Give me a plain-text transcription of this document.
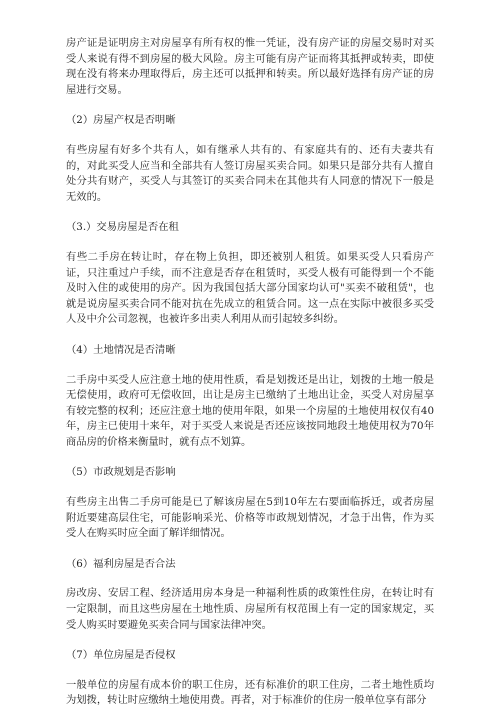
房产证是证明房主对房屋享有所有权的惟一凭证，没有房产证的房屋交易时对买受人来说有得不到房屋的极大风险。房主可能有房产证而将其抵押或转卖，即使现在没有将来办理取得后，房主还可以抵押和转卖。所以最好选择有房产证的房屋进行交易。

（2）房屋产权是否明晰

有些房屋有好多个共有人，如有继承人共有的、有家庭共有的、还有夫妻共有的，对此买受人应当和全部共有人签订房屋买卖合同。如果只是部分共有人擅自处分共有财产，买受人与其签订的买卖合同未在其他共有人同意的情况下一般是无效的。

（3.）交易房屋是否在租

有些二手房在转让时，存在物上负担，即还被别人租赁。如果买受人只看房产证，只注重过户手续，而不注意是否存在租赁时，买受人极有可能得到一个不能及时入住的或使用的房产。因为我国包括大部分国家均认可"买卖不破租赁"，也就是说房屋买卖合同不能对抗在先成立的租赁合同。这一点在实际中被很多买受人及中介公司忽视，也被许多出卖人利用从而引起较多纠纷。

（4）土地情况是否清晰

二手房中买受人应注意土地的使用性质，看是划拨还是出让，划拨的土地一般是无偿使用，政府可无偿收回，出让是房主已缴纳了土地出让金，买受人对房屋享有较完整的权利；还应注意土地的使用年限，如果一个房屋的土地使用权仅有40年，房主已使用十来年，对于买受人来说是否还应该按同地段土地使用权为70年商品房的价格来衡量时，就有点不划算。

（5）市政规划是否影响

有些房主出售二手房可能是已了解该房屋在5到10年左右要面临拆迁，或者房屋附近要建高层住宅，可能影响采光、价格等市政规划情况，才急于出售，作为买受人在购买时应全面了解详细情况。

（6）福利房屋是否合法

房改房、安居工程、经济适用房本身是一种福利性质的政策性住房，在转让时有一定限制，而且这些房屋在土地性质、房屋所有权范围上有一定的国家规定，买受人购买时要避免买卖合同与国家法律冲突。

（7）单位房屋是否侵权

一般单位的房屋有成本价的职工住房，还有标准价的职工住房，二者土地性质均为划拨，转让时应缴纳土地使用费。再者，对于标准价的住房一般单位享有部分
